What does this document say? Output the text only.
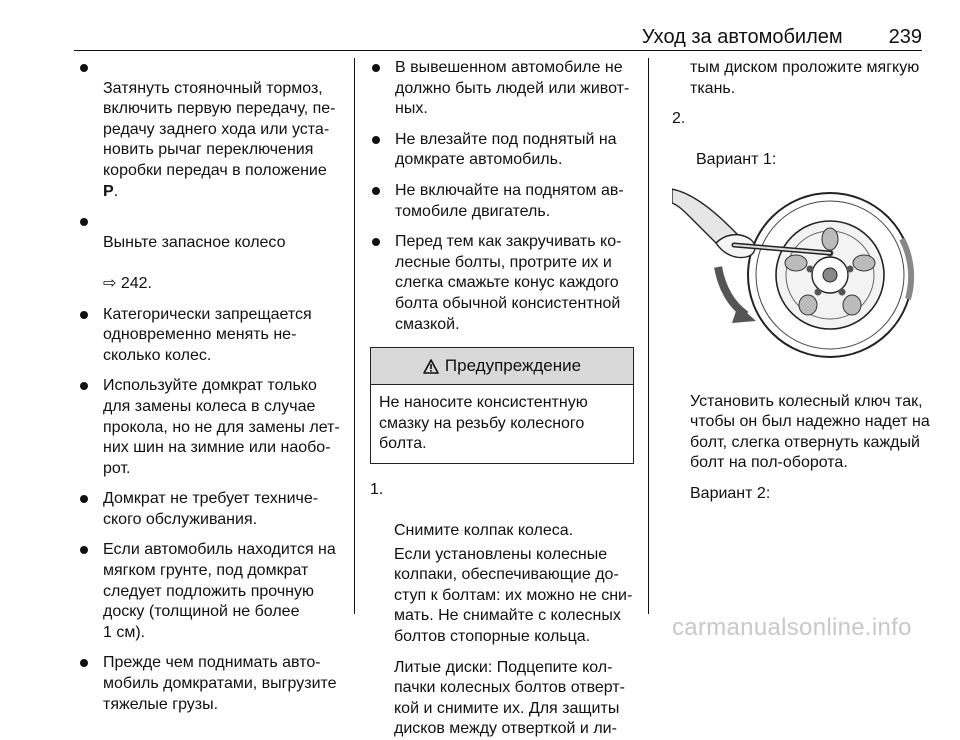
Уход за автомобилем 239

Затянуть стояночный тормоз,
включить первую передачу, пе-
редачу заднего хода или уста-
новить рычаг переключения
коробки передач в положение
P.

Выньте запасное колесо

⇨ 242.

Категорически запрещается
одновременно менять не-
сколько колес.
Используйте домкрат только
для замены колеса в случае
прокола, но не для замены лет-
них шин на зимние или наобо-
рот.
Домкрат не требует техниче-
ского обслуживания.
Если автомобиль находится на
мягком грунте, под домкрат
следует подложить прочную
доску (толщиной не более
1 см).
Прежде чем поднимать авто-
мобиль домкратами, выгрузите
тяжелые грузы.
В вывешенном автомобиле не
должно быть людей или живот-
ных.
Не влезайте под поднятый на
домкрате автомобиль.
Не включайте на поднятом ав-
томобиле двигатель.
Перед тем как закручивать ко-
лесные болты, протрите их и
слегка смажьте конус каждого
болта обычной консистентной
смазкой.
Предупреждение
Не наносите консистентную
смазку на резьбу колесного
болта.

1.

Снимите колпак колеса.

Если установлены колесные
колпаки, обеспечивающие до-
ступ к болтам: их можно не сни-
мать. Не снимайте с колесных
болтов стопорные кольца.
Литые диски: Подцепите кол-
пачки колесных болтов отверт-
кой и снимите их. Для защиты
дисков между отверткой и ли-
тым диском проложите мягкую
ткань.

2.

Вариант 1:

Установить колесный ключ так,
чтобы он был надежно надет на
болт, слегка отвернуть каждый
болт на пол-оборота.
Вариант 2:
carmanualsonline.info
